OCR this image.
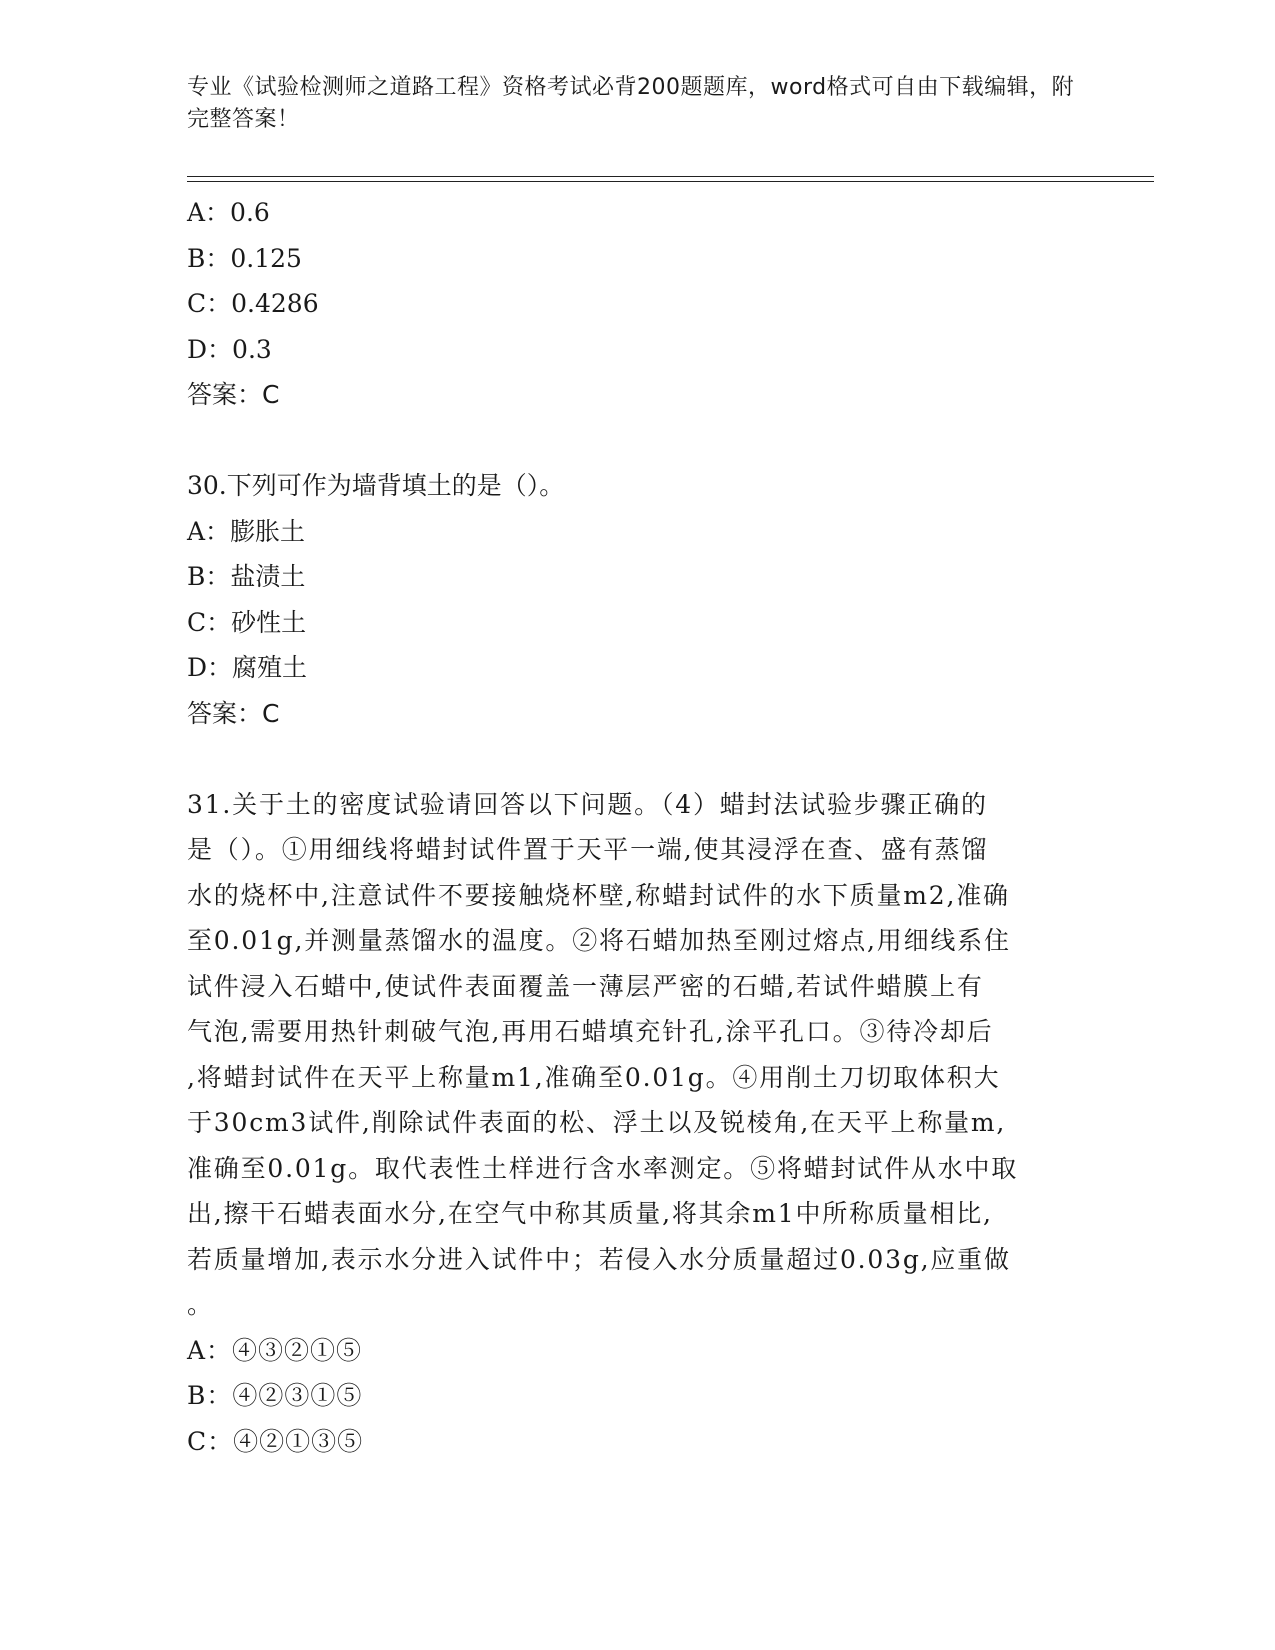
专业《试验检测师之道路工程》资格考试必背200题题库，word格式可自由下载编辑，附完整答案！
A：0.6
B：0.125
C：0.4286
D：0.3
答案：C
30.下列可作为墙背填土的是（）。
A：膨胀土
B：盐渍土
C：砂性土
D：腐殖土
答案：C
31.关于土的密度试验请回答以下问题。（4）蜡封法试验步骤正确的
是（）。①用细线将蜡封试件置于天平一端,使其浸浮在查、盛有蒸馏
水的烧杯中,注意试件不要接触烧杯壁,称蜡封试件的水下质量m2,准确
至0.01g,并测量蒸馏水的温度。②将石蜡加热至刚过熔点,用细线系住
试件浸入石蜡中,使试件表面覆盖一薄层严密的石蜡,若试件蜡膜上有
气泡,需要用热针刺破气泡,再用石蜡填充针孔,涂平孔口。③待冷却后
,将蜡封试件在天平上称量m1,准确至0.01g。④用削土刀切取体积大
于30cm3试件,削除试件表面的松、浮土以及锐棱角,在天平上称量m,
准确至0.01g。取代表性土样进行含水率测定。⑤将蜡封试件从水中取
出,擦干石蜡表面水分,在空气中称其质量,将其余m1中所称质量相比,
若质量增加,表示水分进入试件中；若侵入水分质量超过0.03g,应重做
。
A：④③②①⑤
B：④②③①⑤
C：④②①③⑤
